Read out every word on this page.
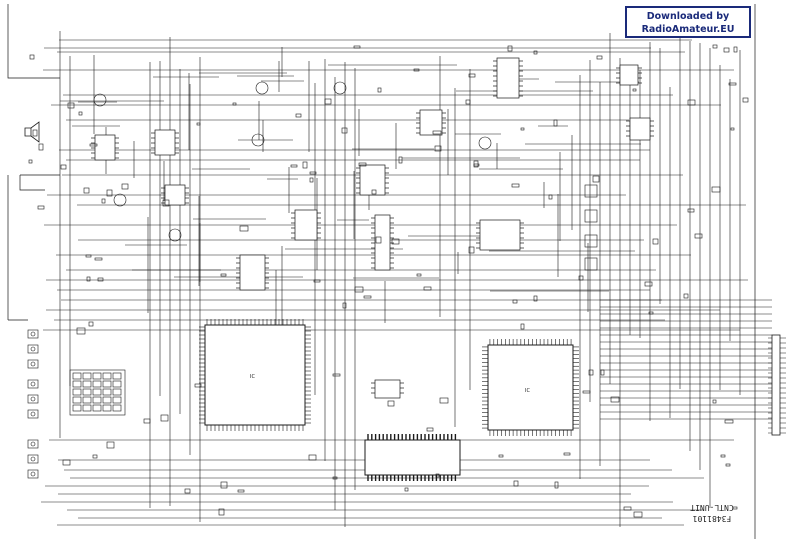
IC
IC
Downloaded by
RadioAmateur.EU
F3481101
CNTL-UNIT
